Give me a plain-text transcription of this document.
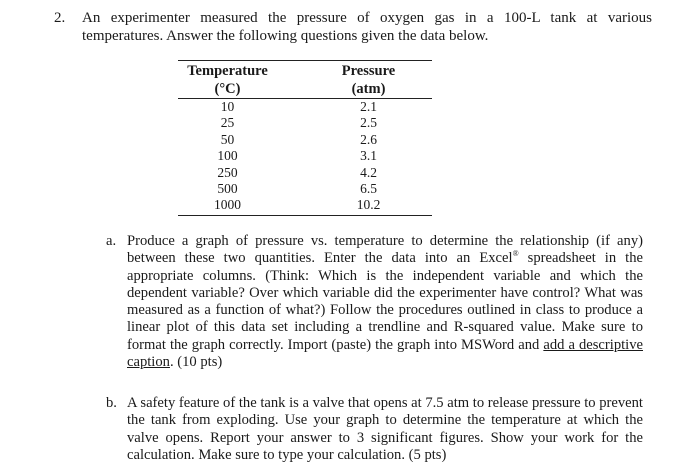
2. An experimenter measured the pressure of oxygen gas in a 100-L tank at various
temperatures. Answer the following questions given the data below.
Temperature	Pressure
(°C)	(atm)
10	2.1
25	2.5
50	2.6
100	3.1
250	4.2
500	6.5
1000	10.2
a. Produce a graph of pressure vs. temperature to determine the relationship (if any) between these two quantities. Enter the data into an Excel® spreadsheet in the appropriate columns. (Think: Which is the independent variable and which the dependent variable? Over which variable did the experimenter have control? What was measured as a function of what?) Follow the procedures outlined in class to produce a linear plot of this data set including a trendline and R-squared value. Make sure to format the graph correctly. Import (paste) the graph into MSWord and add a descriptive caption. (10 pts)
b. A safety feature of the tank is a valve that opens at 7.5 atm to release pressure to prevent the tank from exploding. Use your graph to determine the temperature at which the valve opens. Report your answer to 3 significant figures. Show your work for the calculation. Make sure to type your calculation. (5 pts)
